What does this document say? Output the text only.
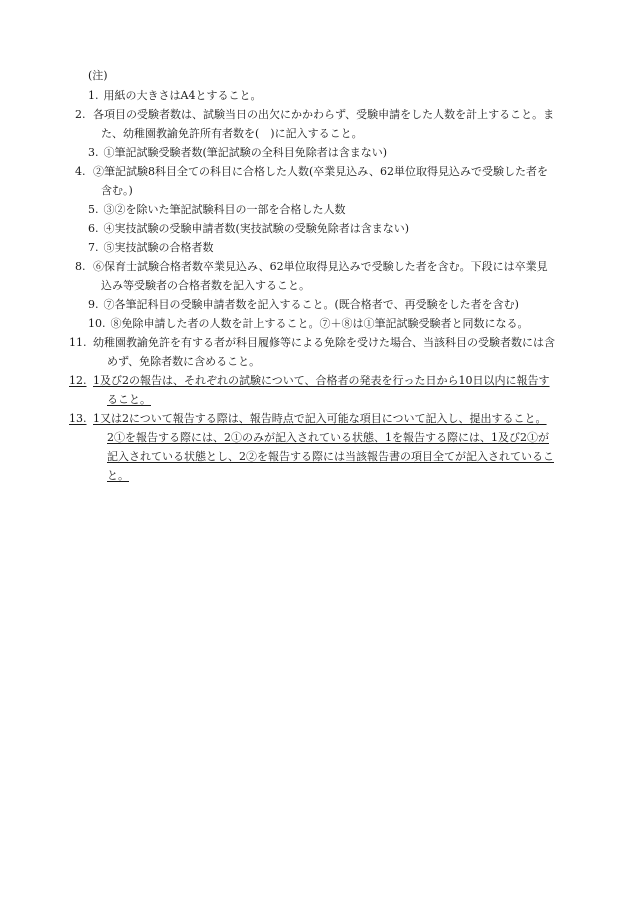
(注)
1. 用紙の大きさはA4とすること。
2. 各項目の受験者数は、試験当日の出欠にかかわらず、受験申請をした人数を計上すること。また、幼稚園教諭免許所有者数を(　)に記入すること。
3. ①筆記試験受験者数(筆記試験の全科目免除者は含まない)
4. ②筆記試験8科目全ての科目に合格した人数(卒業見込み、62単位取得見込みで受験した者を含む。)
5. ③②を除いた筆記試験科目の一部を合格した人数
6. ④実技試験の受験申請者数(実技試験の受験免除者は含まない)
7. ⑤実技試験の合格者数
8. ⑥保育士試験合格者数卒業見込み、62単位取得見込みで受験した者を含む。下段には卒業見込み等受験者の合格者数を記入すること。
9. ⑦各筆記科目の受験申請者数を記入すること。(既合格者で、再受験をした者を含む)
10. ⑧免除申請した者の人数を計上すること。⑦＋⑧は①筆記試験受験者と同数になる。
11. 幼稚園教諭免許を有する者が科目履修等による免除を受けた場合、当該科目の受験者数には含めず、免除者数に含めること。
12. 1及び2の報告は、それぞれの試験について、合格者の発表を行った日から10日以内に報告すること。
13. 1又は2について報告する際は、報告時点で記入可能な項目について記入し、提出すること。2①を報告する際には、2①のみが記入されている状態、1を報告する際には、1及び2①が記入されている状態とし、2②を報告する際には当該報告書の項目全てが記入されていること。
